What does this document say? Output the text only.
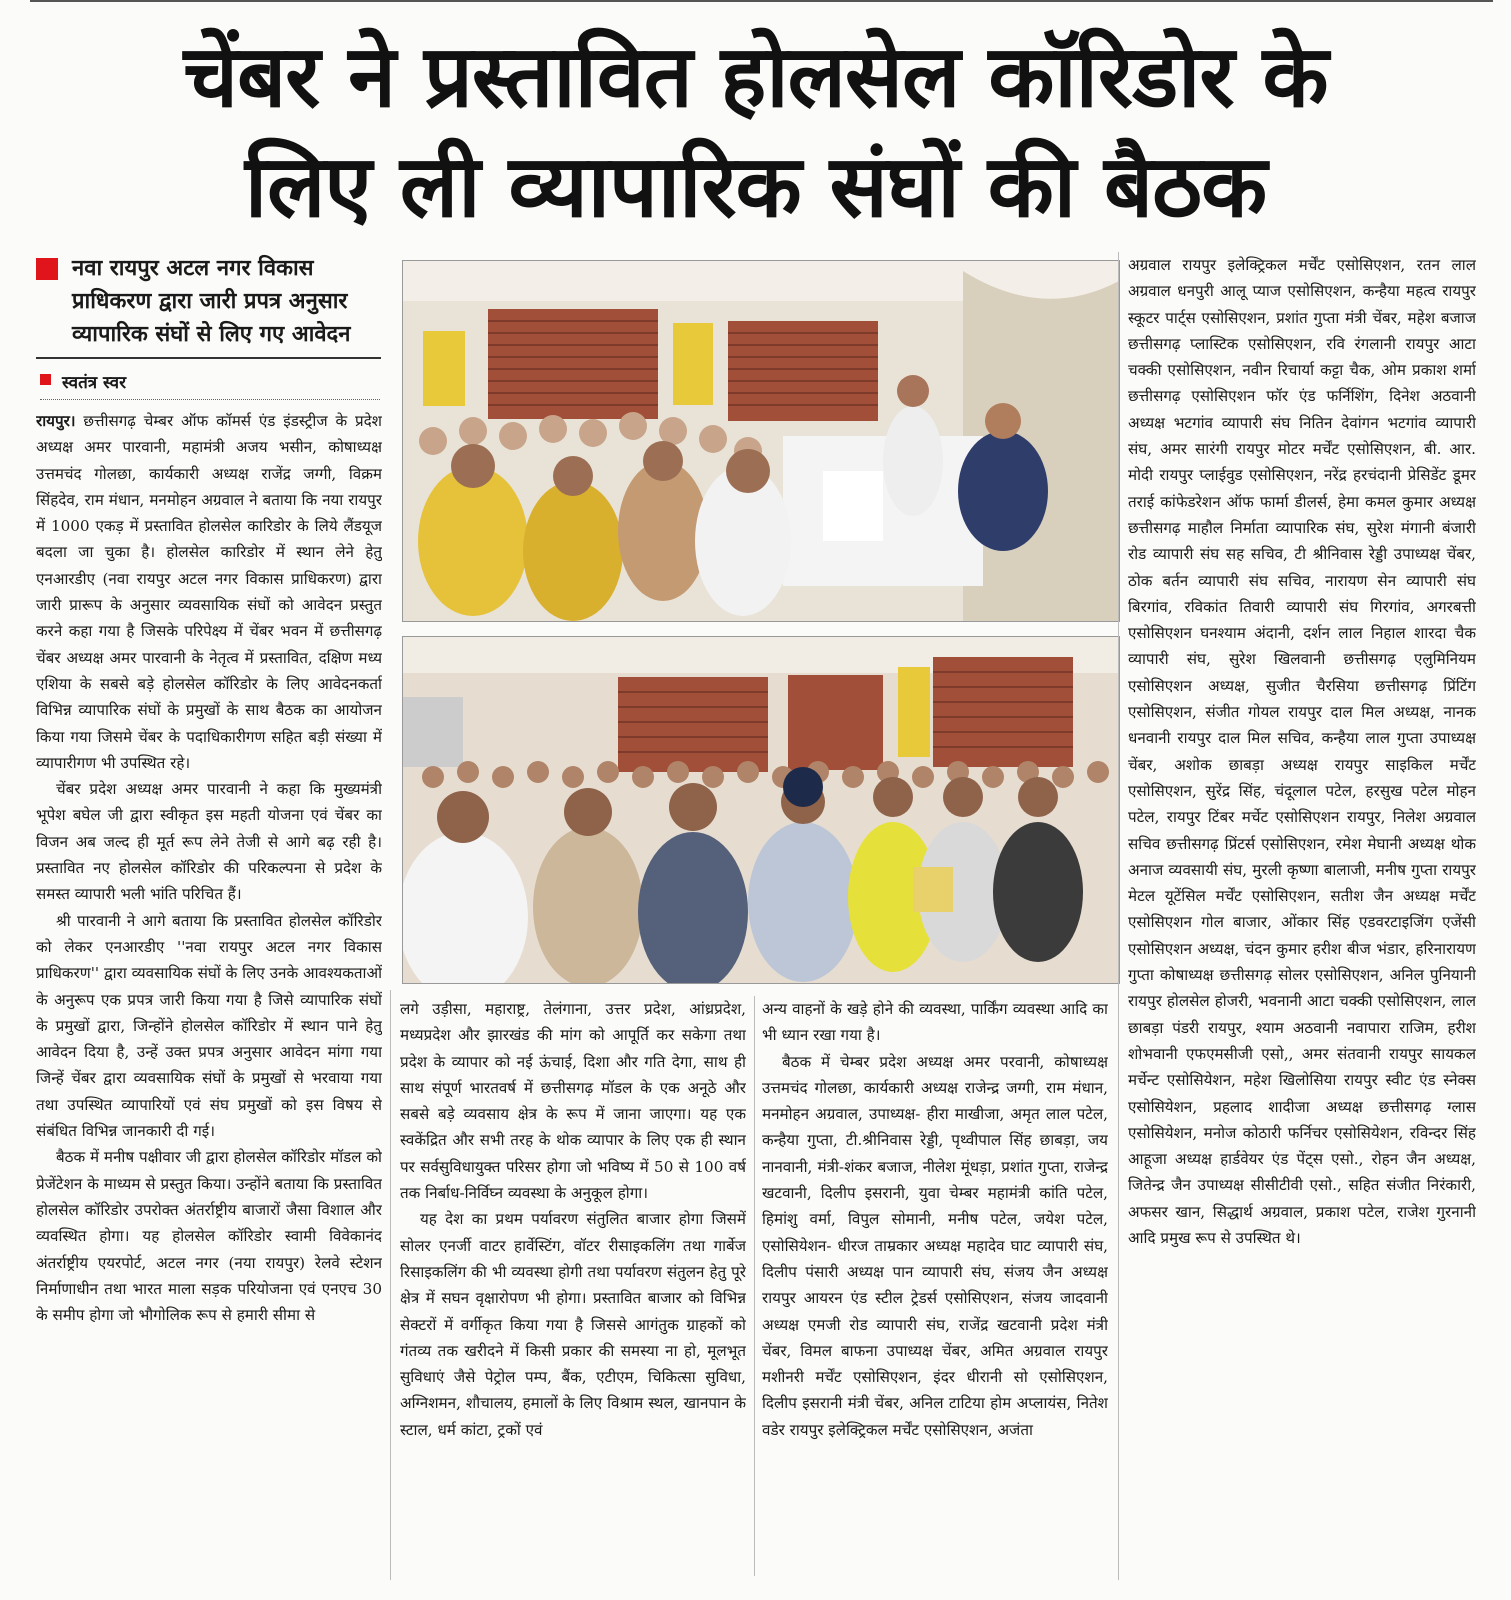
चेंबर ने प्रस्तावित होलसेल कॉरिडोर के
लिए ली व्यापारिक संघों की बैठक
नवा रायपुर अटल नगर विकास प्राधिकरण द्वारा जारी प्रपत्र अनुसार व्यापारिक संघों से लिए गए आवेदन
स्वतंत्र स्वर

रायपुर। छत्तीसगढ़ चेम्बर ऑफ कॉमर्स एंड इंडस्ट्रीज के प्रदेश अध्यक्ष अमर पारवानी, महामंत्री अजय भसीन, कोषाध्यक्ष उत्तमचंद गोलछा, कार्यकारी अध्यक्ष राजेंद्र जग्गी, विक्रम सिंहदेव, राम मंधान, मनमोहन अग्रवाल ने बताया कि नया रायपुर में 1000 एकड़ में प्रस्तावित होलसेल कारिडोर के लिये लैंडयूज बदला जा चुका है। होलसेल कारिडोर में स्थान लेने हेतु एनआरडीए (नवा रायपुर अटल नगर विकास प्राधिकरण) द्वारा जारी प्रारूप के अनुसार व्यवसायिक संघों को आवेदन प्रस्तुत करने कहा गया है जिसके परिपेक्ष्य में चेंबर भवन में छत्तीसगढ़ चेंबर अध्यक्ष अमर पारवानी के नेतृत्व में प्रस्तावित, दक्षिण मध्य एशिया के सबसे बड़े होलसेल कॉरिडोर के लिए आवेदनकर्ता विभिन्न व्यापारिक संघों के प्रमुखों के साथ बैठक का आयोजन किया गया जिसमे चेंबर के पदाधिकारीगण सहित बड़ी संख्या में व्यापारीगण भी उपस्थित रहे।

चेंबर प्रदेश अध्यक्ष अमर पारवानी ने कहा कि मुख्यमंत्री भूपेश बघेल जी द्वारा स्वीकृत इस महती योजना एवं चेंबर का विजन अब जल्द ही मूर्त रूप लेने तेजी से आगे बढ़ रही है। प्रस्तावित नए होलसेल कॉरिडोर की परिकल्पना से प्रदेश के समस्त व्यापारी भली भांति परिचित हैं।

श्री पारवानी ने आगे बताया कि प्रस्तावित होलसेल कॉरिडोर को लेकर एनआरडीए ''नवा रायपुर अटल नगर विकास प्राधिकरण'' द्वारा व्यवसायिक संघों के लिए उनके आवश्यकताओं के अनुरूप एक प्रपत्र जारी किया गया है जिसे व्यापारिक संघों के प्रमुखों द्वारा, जिन्होंने होलसेल कॉरिडोर में स्थान पाने हेतु आवेदन दिया है, उन्हें उक्त प्रपत्र अनुसार आवेदन मांगा गया जिन्हें चेंबर द्वारा व्यवसायिक संघों के प्रमुखों से भरवाया गया तथा उपस्थित व्यापारियों एवं संघ प्रमुखों को इस विषय से संबंधित विभिन्न जानकारी दी गई।

बैठक में मनीष पक्षीवार जी द्वारा होलसेल कॉरिडोर मॉडल को प्रेजेंटेशन के माध्यम से प्रस्तुत किया। उन्होंने बताया कि प्रस्तावित होलसेल कॉरिडोर उपरोक्त अंतर्राष्ट्रीय बाजारों जैसा विशाल और व्यवस्थित होगा। यह होलसेल कॉरिडोर स्वामी विवेकानंद अंतर्राष्ट्रीय एयरपोर्ट, अटल नगर (नया रायपुर) रेलवे स्टेशन निर्माणाधीन तथा भारत माला सड़क परियोजना एवं एनएच 30 के समीप होगा जो भौगोलिक रूप से हमारी सीमा से

लगे उड़ीसा, महाराष्ट्र, तेलंगाना, उत्तर प्रदेश, आंध्रप्रदेश, मध्यप्रदेश और झारखंड की मांग को आपूर्ति कर सकेगा तथा प्रदेश के व्यापार को नई ऊंचाई, दिशा और गति देगा, साथ ही साथ संपूर्ण भारतवर्ष में छत्तीसगढ़ मॉडल के एक अनूठे और सबसे बड़े व्यवसाय क्षेत्र के रूप में जाना जाएगा। यह एक स्वकेंद्रित और सभी तरह के थोक व्यापार के लिए एक ही स्थान पर सर्वसुविधायुक्त परिसर होगा जो भविष्य में 50 से 100 वर्ष तक निर्बाध-निर्विघ्न व्यवस्था के अनुकूल होगा।

यह देश का प्रथम पर्यावरण संतुलित बाजार होगा जिसमें सोलर एनर्जी वाटर हार्वेस्टिंग, वॉटर रीसाइकलिंग तथा गार्बेज रिसाइकलिंग की भी व्यवस्था होगी तथा पर्यावरण संतुलन हेतु पूरे क्षेत्र में सघन वृक्षारोपण भी होगा। प्रस्तावित बाजार को विभिन्न सेक्टरों में वर्गीकृत किया गया है जिससे आगंतुक ग्राहकों को गंतव्य तक खरीदने में किसी प्रकार की समस्या ना हो, मूलभूत सुविधाएं जैसे पेट्रोल पम्प, बैंक, एटीएम, चिकित्सा सुविधा, अग्निशमन, शौचालय, हमालों के लिए विश्राम स्थल, खानपान के स्टाल, धर्म कांटा, ट्रकों एवं

अन्य वाहनों के खड़े होने की व्यवस्था, पार्किंग व्यवस्था आदि का भी ध्यान रखा गया है।

बैठक में चेम्बर प्रदेश अध्यक्ष अमर परवानी, कोषाध्यक्ष उत्तमचंद गोलछा, कार्यकारी अध्यक्ष राजेन्द्र जग्गी, राम मंधान, मनमोहन अग्रवाल, उपाध्यक्ष- हीरा माखीजा, अमृत लाल पटेल, कन्हैया गुप्ता, टी.श्रीनिवास रेड्डी, पृथ्वीपाल सिंह छाबड़ा, जय नानवानी, मंत्री-शंकर बजाज, नीलेश मूंधड़ा, प्रशांत गुप्ता, राजेन्द्र खटवानी, दिलीप इसरानी, युवा चेम्बर महामंत्री कांति पटेल, हिमांशु वर्मा, विपुल सोमानी, मनीष पटेल, जयेश पटेल, एसोसियेशन- धीरज ताम्रकार अध्यक्ष महादेव घाट व्यापारी संघ, दिलीप पंसारी अध्यक्ष पान व्यापारी संघ, संजय जैन अध्यक्ष रायपुर आयरन एंड स्टील ट्रेडर्स एसोसिएशन, संजय जादवानी अध्यक्ष एमजी रोड व्यापारी संघ, राजेंद्र खटवानी प्रदेश मंत्री चेंबर, विमल बाफना उपाध्यक्ष चेंबर, अमित अग्रवाल रायपुर मशीनरी मर्चेंट एसोसिएशन, इंदर धीरानी सो एसोसिएशन, दिलीप इसरानी मंत्री चेंबर, अनिल टाटिया होम अप्लायंस, नितेश वडेर रायपुर इलेक्ट्रिकल मर्चेंट एसोसिएशन, अजंता

अग्रवाल रायपुर इलेक्ट्रिकल मर्चेंट एसोसिएशन, रतन लाल अग्रवाल धनपुरी आलू प्याज एसोसिएशन, कन्हैया महत्व रायपुर स्कूटर पार्ट्स एसोसिएशन, प्रशांत गुप्ता मंत्री चेंबर, महेश बजाज छत्तीसगढ़ प्लास्टिक एसोसिएशन, रवि रंगलानी रायपुर आटा चक्की एसोसिएशन, नवीन रिचार्या कट्टा चैक, ओम प्रकाश शर्मा छत्तीसगढ़ एसोसिएशन फॉर एंड फर्निशिंग, दिनेश अठवानी अध्यक्ष भटगांव व्यापारी संघ नितिन देवांगन भटगांव व्यापारी संघ, अमर सारंगी रायपुर मोटर मर्चेंट एसोसिएशन, बी. आर. मोदी रायपुर प्लाईवुड एसोसिएशन, नरेंद्र हरचंदानी प्रेसिडेंट डूमर तराई कांफेडरेशन ऑफ फार्मा डीलर्स, हेमा कमल कुमार अध्यक्ष छत्तीसगढ़ माहौल निर्माता व्यापारिक संघ, सुरेश मंगानी बंजारी रोड व्यापारी संघ सह सचिव, टी श्रीनिवास रेड्डी उपाध्यक्ष चेंबर, ठोक बर्तन व्यापारी संघ सचिव, नारायण सेन व्यापारी संघ बिरगांव, रविकांत तिवारी व्यापारी संघ गिरगांव, अगरबत्ती एसोसिएशन घनश्याम अंदानी, दर्शन लाल निहाल शारदा चैक व्यापारी संघ, सुरेश खिलवानी छत्तीसगढ़ एलुमिनियम एसोसिएशन अध्यक्ष, सुजीत चैरसिया छत्तीसगढ़ प्रिंटिंग एसोसिएशन, संजीत गोयल रायपुर दाल मिल अध्यक्ष, नानक धनवानी रायपुर दाल मिल सचिव, कन्हैया लाल गुप्ता उपाध्यक्ष चेंबर, अशोक छाबड़ा अध्यक्ष रायपुर साइकिल मर्चेंट एसोसिएशन, सुरेंद्र सिंह, चंदूलाल पटेल, हरसुख पटेल मोहन पटेल, रायपुर टिंबर मर्चेट एसोसिएशन रायपुर, निलेश अग्रवाल सचिव छत्तीसगढ़ प्रिंटर्स एसोसिएशन, रमेश मेघानी अध्यक्ष थोक अनाज व्यवसायी संघ, मुरली कृष्णा बालाजी, मनीष गुप्ता रायपुर मेटल यूटेंसिल मर्चेंट एसोसिएशन, सतीश जैन अध्यक्ष मर्चेंट एसोसिएशन गोल बाजार, ओंकार सिंह एडवरटाइजिंग एजेंसी एसोसिएशन अध्यक्ष, चंदन कुमार हरीश बीज भंडार, हरिनारायण गुप्ता कोषाध्यक्ष छत्तीसगढ़ सोलर एसोसिएशन, अनिल पुनियानी रायपुर होलसेल होजरी, भवनानी आटा चक्की एसोसिएशन, लाल छाबड़ा पंडरी रायपुर, श्याम अठवानी नवापारा राजिम, हरीश शोभवानी एफएमसीजी एसो,, अमर संतवानी रायपुर सायकल मर्चेन्ट एसोसियेशन, महेश खिलोसिया रायपुर स्वीट एंड स्नेक्स एसोसियेशन, प्रहलाद शादीजा अध्यक्ष छत्तीसगढ़ ग्लास एसोसियेशन, मनोज कोठारी फर्निचर एसोसियेशन, रविन्दर सिंह आहूजा अध्यक्ष हार्डवेयर एंड पेंट्स एसो., रोहन जैन अध्यक्ष, जितेन्द्र जैन उपाध्यक्ष सीसीटीवी एसो., सहित संजीत निरंकारी, अफसर खान, सिद्धार्थ अग्रवाल, प्रकाश पटेल, राजेश गुरनानी आदि प्रमुख रूप से उपस्थित थे।
